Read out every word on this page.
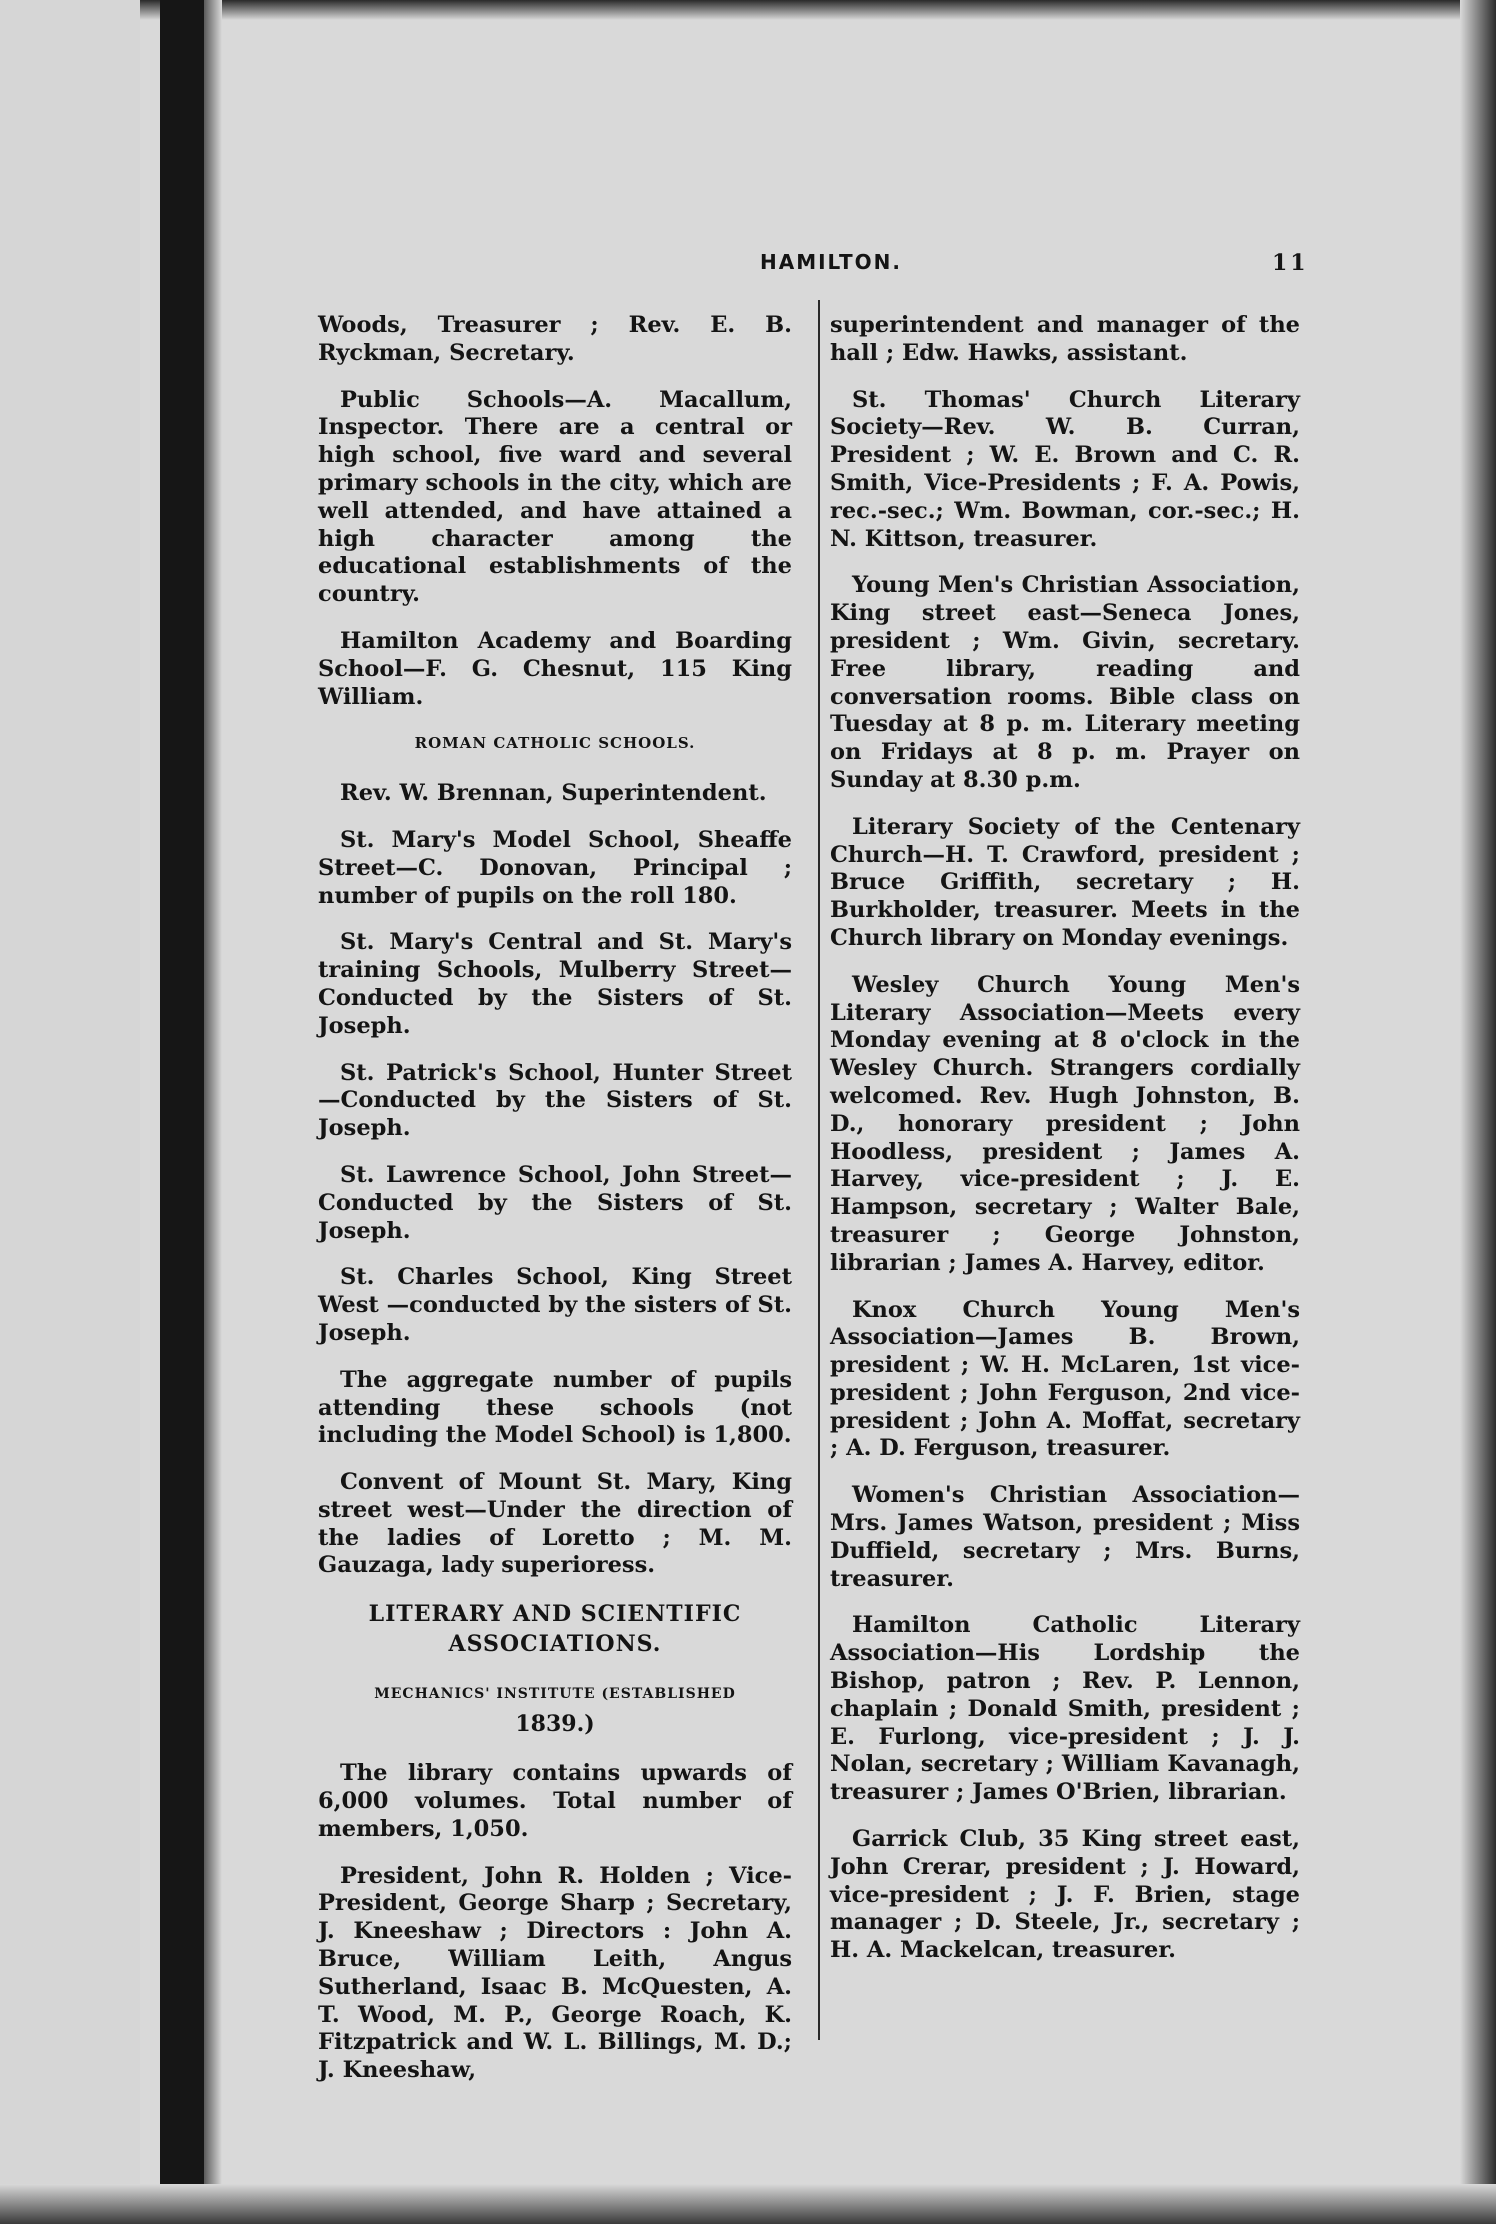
HAMILTON.	11

Woods, Treasurer ; Rev. E. B. Ryckman, Secretary.

Public Schools—A. Macallum, Inspector. There are a central or high school, five ward and several primary schools in the city, which are well attended, and have attained a high character among the educational establishments of the country.

Hamilton Academy and Boarding School—F. G. Chesnut, 115 King William.

ROMAN CATHOLIC SCHOOLS.

Rev. W. Brennan, Superintendent.

St. Mary's Model School, Sheaffe Street—C. Donovan, Principal ; number of pupils on the roll 180.

St. Mary's Central and St. Mary's training Schools, Mulberry Street—Conducted by the Sisters of St. Joseph.

St. Patrick's School, Hunter Street —Conducted by the Sisters of St. Joseph.

St. Lawrence School, John Street—Conducted by the Sisters of St. Joseph.

St. Charles School, King Street West —conducted by the sisters of St. Joseph.

The aggregate number of pupils attending these schools (not including the Model School) is 1,800.

Convent of Mount St. Mary, King street west—Under the direction of the ladies of Loretto ; M. M. Gauzaga, lady superioress.

LITERARY AND SCIENTIFIC ASSOCIATIONS.
MECHANICS' INSTITUTE (ESTABLISHED
1839.)

The library contains upwards of 6,000 volumes. Total number of members, 1,050.

President, John R. Holden ; Vice-President, George Sharp ; Secretary, J. Kneeshaw ; Directors : John A. Bruce, William Leith, Angus Sutherland, Isaac B. McQuesten, A. T. Wood, M. P., George Roach, K. Fitzpatrick and W. L. Billings, M. D.; J. Kneeshaw,

superintendent and manager of the hall ; Edw. Hawks, assistant.

St. Thomas' Church Literary Society—Rev. W. B. Curran, President ; W. E. Brown and C. R. Smith, Vice-Presidents ; F. A. Powis, rec.-sec.; Wm. Bowman, cor.-sec.; H. N. Kittson, treasurer.

Young Men's Christian Association, King street east—Seneca Jones, president ; Wm. Givin, secretary. Free library, reading and conversation rooms. Bible class on Tuesday at 8 p. m. Literary meeting on Fridays at 8 p. m. Prayer on Sunday at 8.30 p.m.

Literary Society of the Centenary Church—H. T. Crawford, president ; Bruce Griffith, secretary ; H. Burkholder, treasurer. Meets in the Church library on Monday evenings.

Wesley Church Young Men's Literary Association—Meets every Monday evening at 8 o'clock in the Wesley Church. Strangers cordially welcomed. Rev. Hugh Johnston, B. D., honorary president ; John Hoodless, president ; James A. Harvey, vice-president ; J. E. Hampson, secretary ; Walter Bale, treasurer ; George Johnston, librarian ; James A. Harvey, editor.

Knox Church Young Men's Association—James B. Brown, president ; W. H. McLaren, 1st vice-president ; John Ferguson, 2nd vice-president ; John A. Moffat, secretary ; A. D. Ferguson, treasurer.

Women's Christian Association—Mrs. James Watson, president ; Miss Duffield, secretary ; Mrs. Burns, treasurer.

Hamilton Catholic Literary Association—His Lordship the Bishop, patron ; Rev. P. Lennon, chaplain ; Donald Smith, president ; E. Furlong, vice-president ; J. J. Nolan, secretary ; William Kavanagh, treasurer ; James O'Brien, librarian.

Garrick Club, 35 King street east, John Crerar, president ; J. Howard, vice-president ; J. F. Brien, stage manager ; D. Steele, Jr., secretary ; H. A. Mackelcan, treasurer.
